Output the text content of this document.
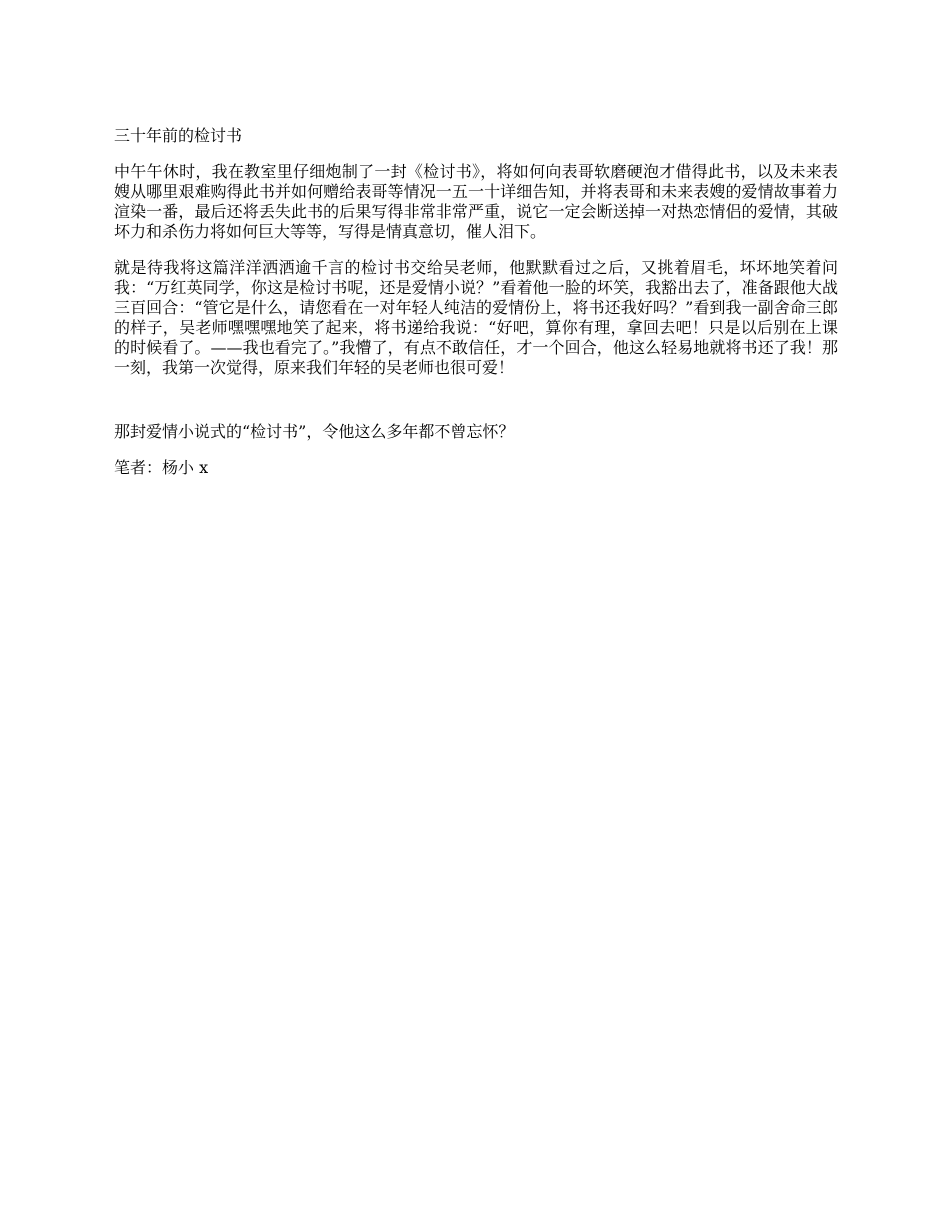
三十年前的检讨书

中午午休时，我在教室里仔细炮制了一封《检讨书》，将如何向表哥软磨硬泡才借得此书，以及未来表嫂从哪里艰难购得此书并如何赠给表哥等情况一五一十详细告知，并将表哥和未来表嫂的爱情故事着力渲染一番，最后还将丢失此书的后果写得非常非常严重，说它一定会断送掉一对热恋情侣的爱情，其破坏力和杀伤力将如何巨大等等，写得是情真意切，催人泪下。

就是待我将这篇洋洋洒洒逾千言的检讨书交给吴老师，他默默看过之后，又挑着眉毛，坏坏地笑着问我：“万红英同学，你这是检讨书呢，还是爱情小说？”看着他一脸的坏笑，我豁出去了，准备跟他大战三百回合：“管它是什么，请您看在一对年轻人纯洁的爱情份上，将书还我好吗？”看到我一副舍命三郎的样子，吴老师嘿嘿嘿地笑了起来，将书递给我说：“好吧，算你有理，拿回去吧！只是以后别在上课的时候看了。——我也看完了。”我懵了，有点不敢信任，才一个回合，他这么轻易地就将书还了我！那一刻，我第一次觉得，原来我们年轻的吴老师也很可爱！

那封爱情小说式的“检讨书”，令他这么多年都不曾忘怀？

笔者：杨小 x
